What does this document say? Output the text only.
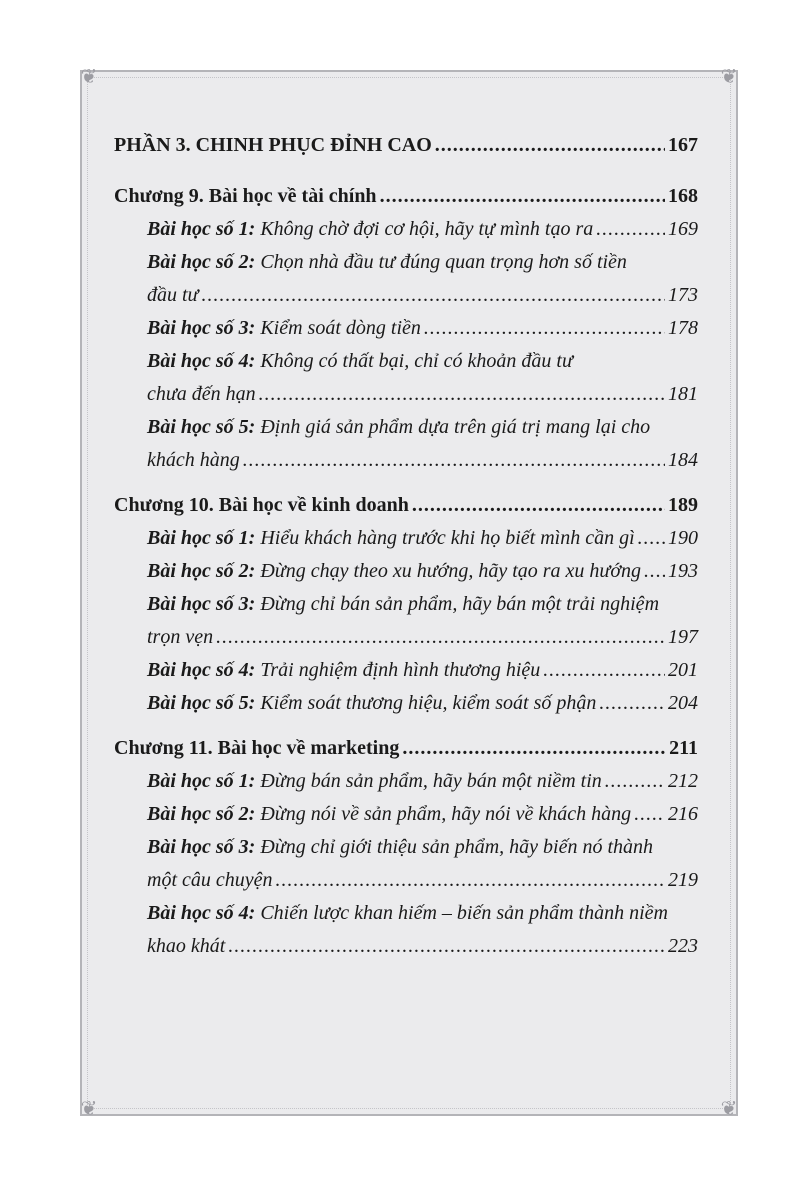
❦	❦
❦	❦
PHẦN 3. CHINH PHỤC ĐỈNH CAO .....	167
Chương 9. Bài học về tài chính .....	168
Bài học số 1: Không chờ đợi cơ hội, hãy tự mình tạo ra .....	169
Bài học số 2: Chọn nhà đầu tư đúng quan trọng hơn số tiền
đầu tư .....	173
Bài học số 3: Kiểm soát dòng tiền .....	178
Bài học số 4: Không có thất bại, chỉ có khoản đầu tư
chưa đến hạn .....	181
Bài học số 5: Định giá sản phẩm dựa trên giá trị mang lại cho
khách hàng .....	184
Chương 10. Bài học về kinh doanh .....	189
Bài học số 1: Hiểu khách hàng trước khi họ biết mình cần gì ..... 190
Bài học số 2: Đừng chạy theo xu hướng, hãy tạo ra xu hướng ..... 193
Bài học số 3: Đừng chỉ bán sản phẩm, hãy bán một trải nghiệm
trọn vẹn .....	197
Bài học số 4: Trải nghiệm định hình thương hiệu .....	201
Bài học số 5: Kiểm soát thương hiệu, kiểm soát số phận .....	204
Chương 11. Bài học về marketing .....	211
Bài học số 1: Đừng bán sản phẩm, hãy bán một niềm tin .....	212
Bài học số 2: Đừng nói về sản phẩm, hãy nói về khách hàng ..... 216
Bài học số 3: Đừng chỉ giới thiệu sản phẩm, hãy biến nó thành
một câu chuyện .....	219
Bài học số 4: Chiến lược khan hiếm – biến sản phẩm thành niềm
khao khát .....	223
